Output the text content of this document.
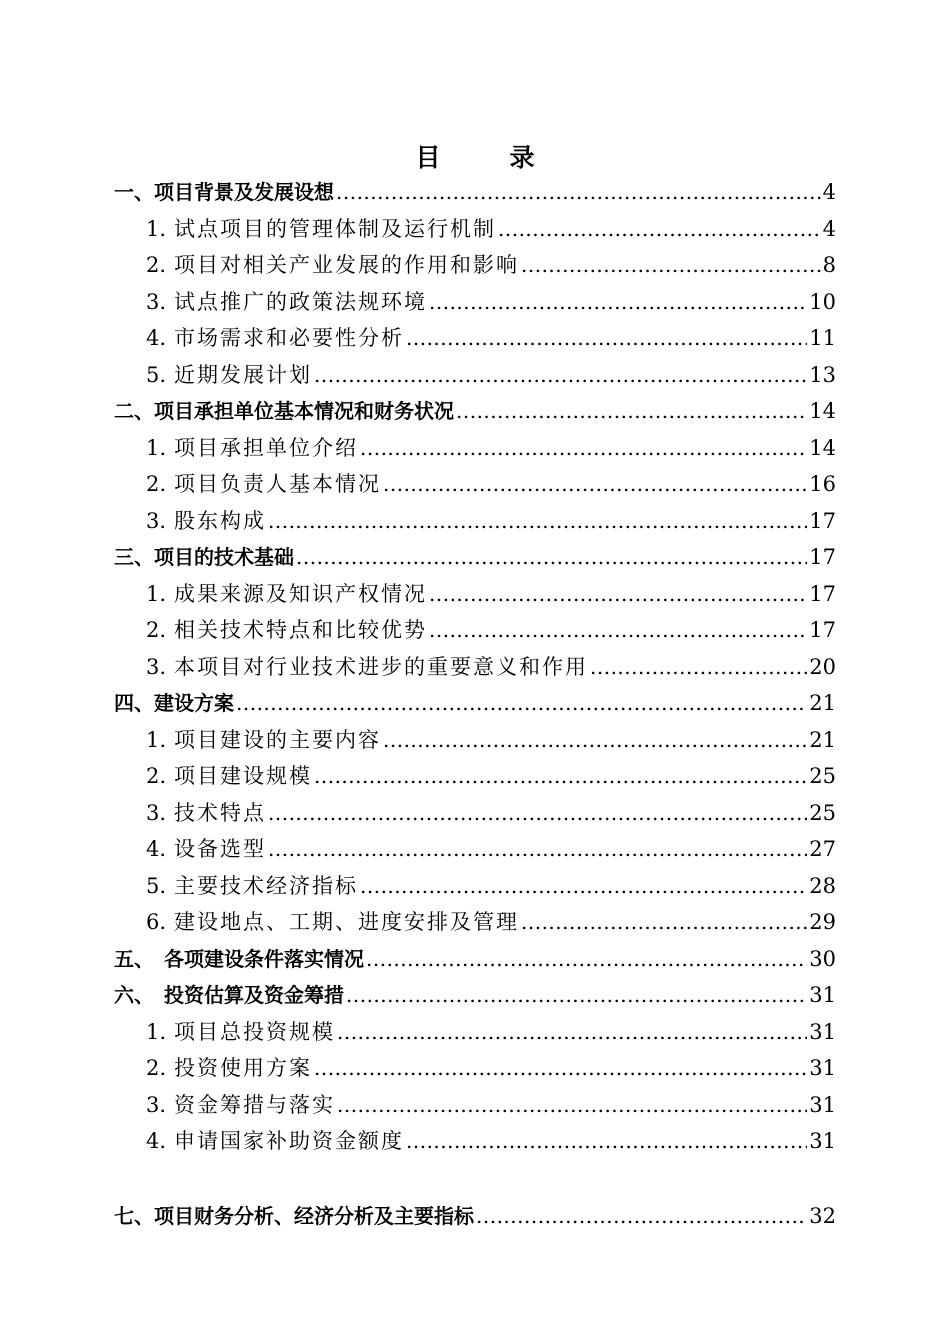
目　录
一、项目背景及发展设想 .....	4
1. 试点项目的管理体制及运行机制 .....	4
2. 项目对相关产业发展的作用和影响 .....	8
3. 试点推广的政策法规环境 .....	10
4. 市场需求和必要性分析 .....	11
5. 近期发展计划 .....	13
二、项目承担单位基本情况和财务状况 .....	14
1. 项目承担单位介绍 .....	14
2. 项目负责人基本情况 .....	16
3. 股东构成 .....	17
三、项目的技术基础 .....	17
1. 成果来源及知识产权情况 .....	17
2. 相关技术特点和比较优势 .....	17
3. 本项目对行业技术进步的重要意义和作用 .....	20
四、建设方案 .....	21
1. 项目建设的主要内容 .....	21
2. 项目建设规模 .....	25
3. 技术特点 .....	25
4. 设备选型 .....	27
5. 主要技术经济指标 .....	28
6. 建设地点、工期、进度安排及管理 .....	29
五、　各项建设条件落实情况 .....	30
六、　投资估算及资金筹措 .....	31
1. 项目总投资规模 .....	31
2. 投资使用方案 .....	31
3. 资金筹措与落实 .....	31
4. 申请国家补助资金额度 .....	31
七、项目财务分析、经济分析及主要指标 .....	32
